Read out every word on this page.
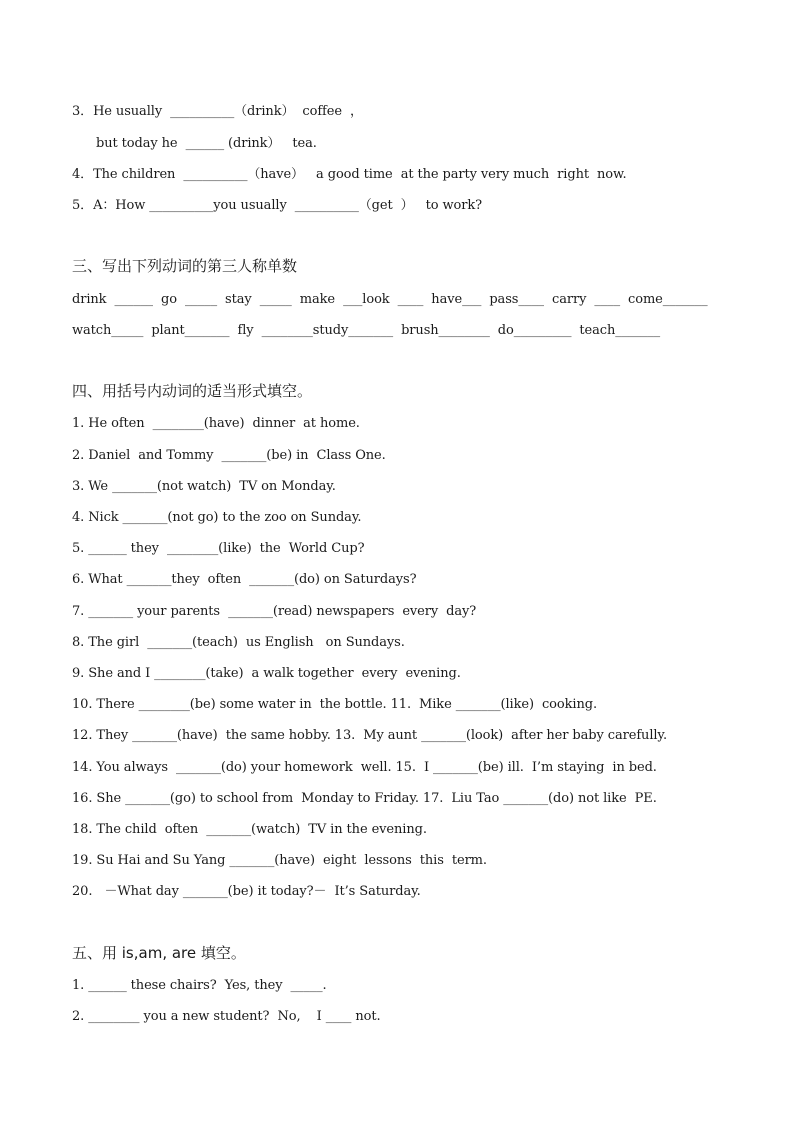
3．He usually  __________（drink）  coffee  ，
but today he  ______ (drink）   tea.
4．The children  __________（have）   a good time  at the party very much  right  now.
5．A：How __________you usually  __________（get  ）   to work?
三、写出下列动词的第三人称单数
drink  ______  go  _____  stay  _____  make  ___look  ____  have___  pass____  carry  ____  come_______
watch_____  plant_______  fly  ________study_______  brush________  do_________  teach_______
四、用括号内动词的适当形式填空。
1. He often  ________(have)  dinner  at home.
2. Daniel  and Tommy  _______(be) in  Class One.
3. We _______(not watch)  TV on Monday.
4. Nick _______(not go) to the zoo on Sunday.
5. ______ they  ________(like)  the  World Cup?
6. What _______they  often  _______(do) on Saturdays?
7. _______ your parents  _______(read) newspapers  every  day?
8. The girl  _______(teach)  us English   on Sundays.
9. She and I ________(take)  a walk together  every  evening.
10. There ________(be) some water in  the bottle. 11.  Mike _______(like)  cooking.
12. They _______(have)  the same hobby. 13.  My aunt _______(look)  after her baby carefully.
14. You always  _______(do) your homework  well. 15.  I _______(be) ill.  I’m staying  in bed.
16. She _______(go) to school from  Monday to Friday. 17.  Liu Tao _______(do) not like  PE.
18. The child  often  _______(watch)  TV in the evening.
19. Su Hai and Su Yang _______(have)  eight  lessons  this  term.
20.   －What day _______(be) it today?－  It’s Saturday.
五、用 is,am, are 填空。
1. ______ these chairs?  Yes, they  _____.
2. ________ you a new student?  No,    I ____ not.
